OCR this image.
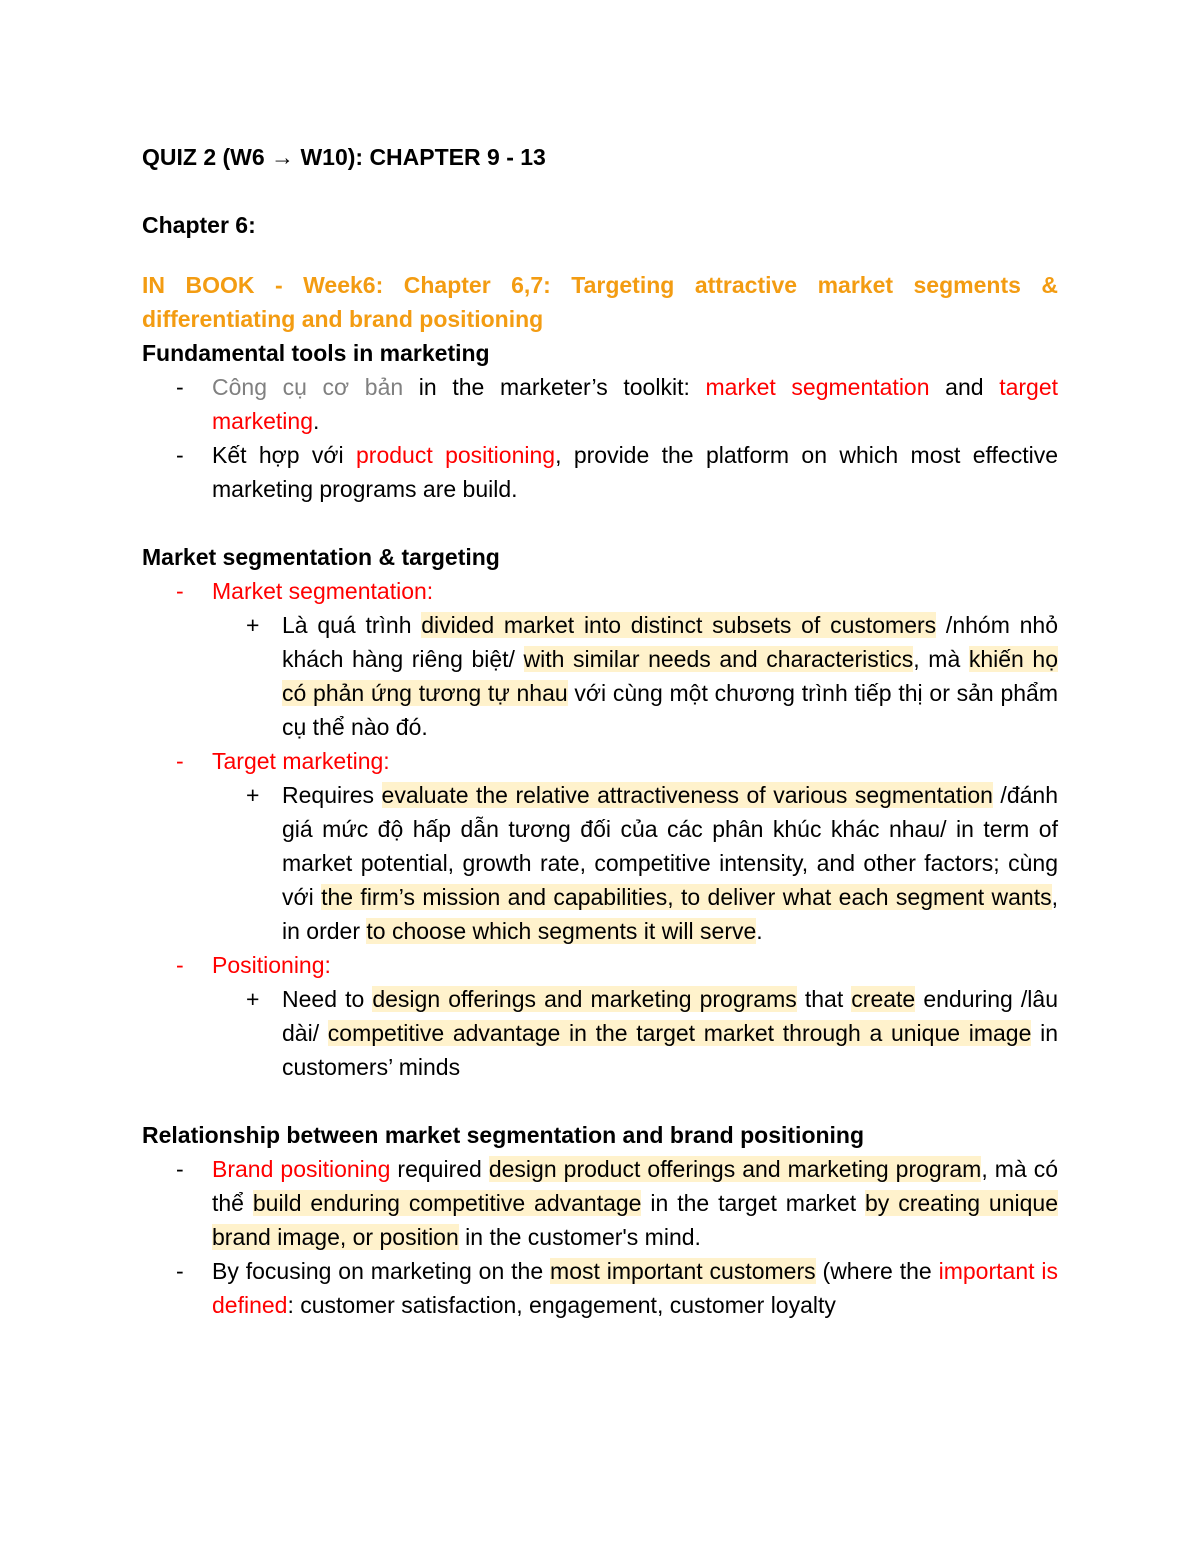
QUIZ 2 (W6 → W10): CHAPTER 9 - 13

Chapter 6:

IN BOOK - Week6: Chapter 6,7: Targeting attractive market segments & differentiating and brand positioning

Fundamental tools in marketing

- Công cụ cơ bản in the marketer’s toolkit: market segmentation and target marketing.
- Kết hợp với product positioning, provide the platform on which most effective marketing programs are build.

Market segmentation & targeting

- Market segmentation:
+ Là quá trình divided market into distinct subsets of customers /nhóm nhỏ khách hàng riêng biệt/ with similar needs and characteristics, mà khiến họ có phản ứng tương tự nhau với cùng một chương trình tiếp thị or sản phẩm cụ thể nào đó.
- Target marketing:
+ Requires evaluate the relative attractiveness of various segmentation /đánh giá mức độ hấp dẫn tương đối của các phân khúc khác nhau/ in term of market potential, growth rate, competitive intensity, and other factors; cùng với the firm’s mission and capabilities, to deliver what each segment wants, in order to choose which segments it will serve.
- Positioning:
+ Need to design offerings and marketing programs that create enduring /lâu dài/ competitive advantage in the target market through a unique image in customers’ minds

Relationship between market segmentation and brand positioning

- Brand positioning required design product offerings and marketing program, mà có thể build enduring competitive advantage in the target market by creating unique brand image, or position in the customer's mind.
- By focusing on marketing on the most important customers (where the important is defined: customer satisfaction, engagement, customer loyalty
